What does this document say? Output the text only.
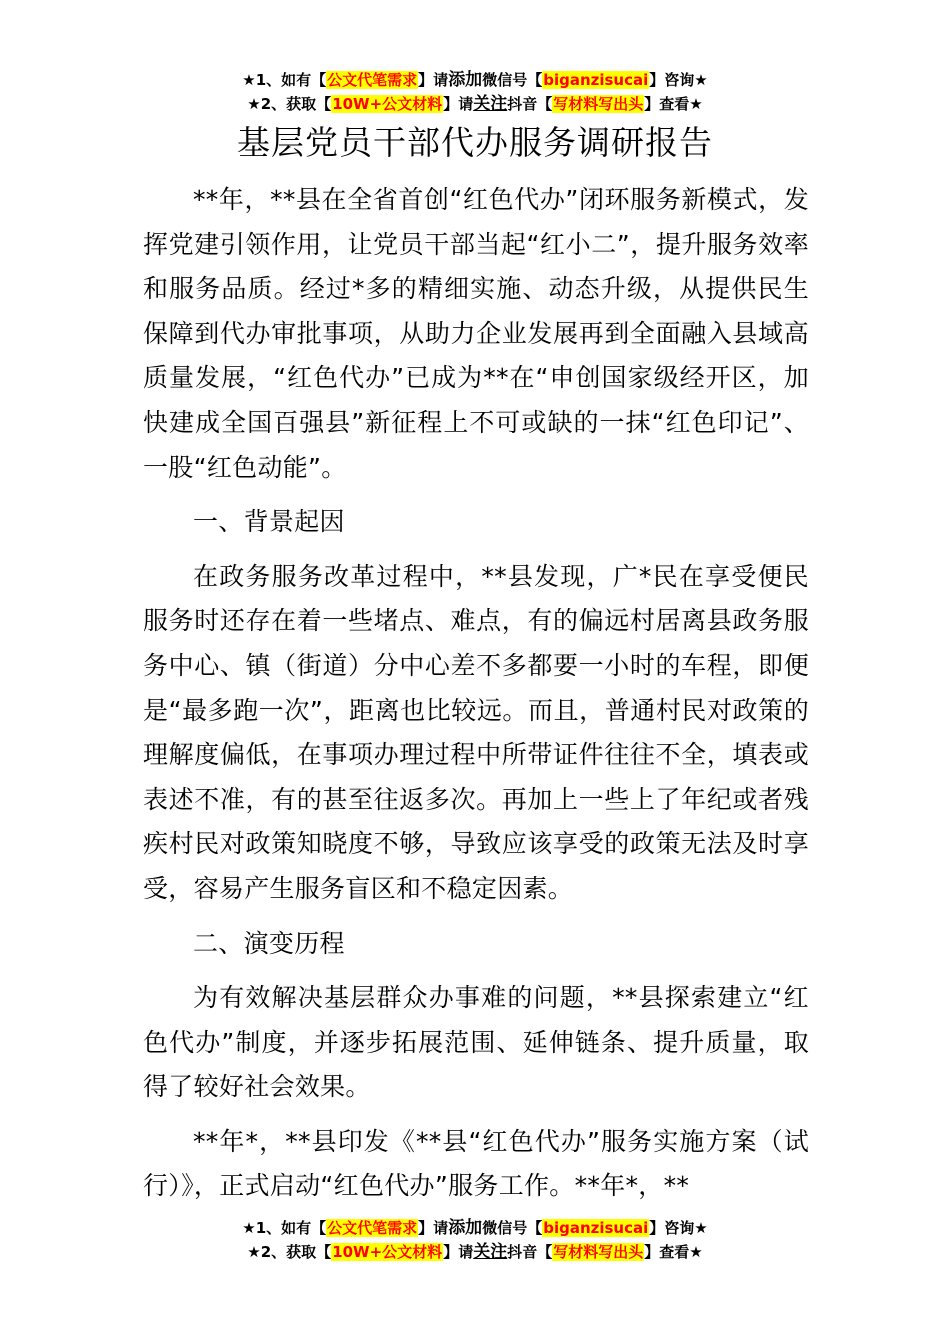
★1、如有【公文代笔需求】请添加微信号【biganzisucai】咨询★
★2、获取【10W+公文材料】请关注抖音【写材料写出头】查看★
基层党员干部代办服务调研报告

**年，**县在全省首创“红色代办”闭环服务新模式，发挥党建引领作用，让党员干部当起“红小二”，提升服务效率和服务品质。经过*多的精细实施、动态升级，从提供民生保障到代办审批事项，从助力企业发展再到全面融入县域高质量发展，“红色代办”已成为**在“申创国家级经开区，加快建成全国百强县”新征程上不可或缺的一抹“红色印记”、一股“红色动能”。

一、背景起因

在政务服务改革过程中，**县发现，广*民在享受便民服务时还存在着一些堵点、难点，有的偏远村居离县政务服务中心、镇（街道）分中心差不多都要一小时的车程，即便是“最多跑一次”，距离也比较远。而且，普通村民对政策的理解度偏低，在事项办理过程中所带证件往往不全，填表或表述不准，有的甚至往返多次。再加上一些上了年纪或者残疾村民对政策知晓度不够，导致应该享受的政策无法及时享受，容易产生服务盲区和不稳定因素。

二、演变历程

为有效解决基层群众办事难的问题，**县探索建立“红色代办”制度，并逐步拓展范围、延伸链条、提升质量，取得了较好社会效果。

**年*，**县印发《**县“红色代办”服务实施方案（试行）》，正式启动“红色代办”服务工作。**年*，**

★1、如有【公文代笔需求】请添加微信号【biganzisucai】咨询★
★2、获取【10W+公文材料】请关注抖音【写材料写出头】查看★
